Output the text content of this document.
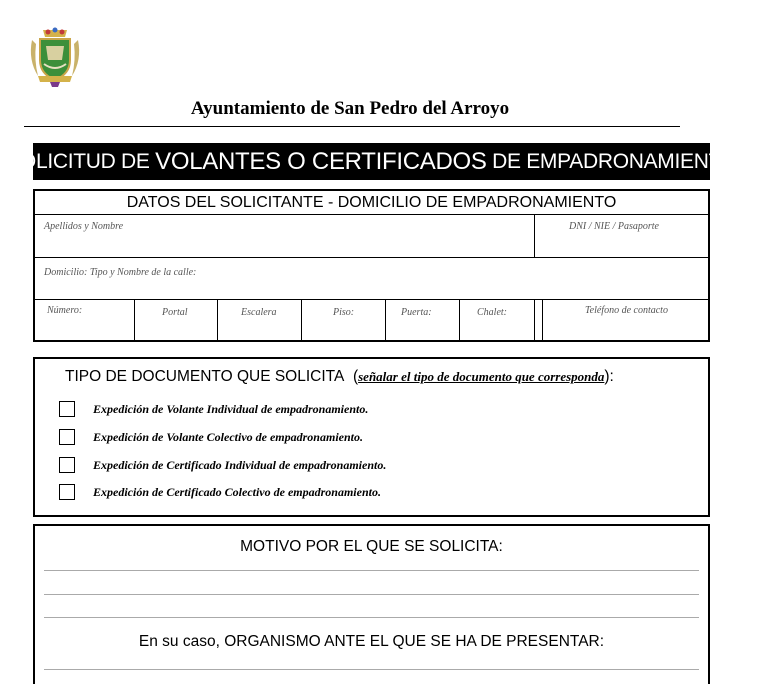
Ayuntamiento de San Pedro del Arroyo
SOLICITUD DE
VOLANTES O CERTIFICADOS
DE EMPADRONAMIENTO
DATOS DEL SOLICITANTE - DOMICILIO DE EMPADRONAMIENTO
Apellidos y Nombre	DNI / NIE / Pasaporte
Domicilio: Tipo y Nombre de la calle:
Número:	Portal	Escalera	Piso:	Puerta:	Chalet:	Teléfono de contacto
TIPO DE DOCUMENTO QUE SOLICITA  (señalar el tipo de documento que corresponda):
Expedición de Volante Individual de empadronamiento.
Expedición de Volante Colectivo de empadronamiento.
Expedición de Certificado Individual de empadronamiento.
Expedición de Certificado Colectivo de empadronamiento.
MOTIVO POR EL QUE SE SOLICITA:
En su caso, ORGANISMO ANTE EL QUE SE HA DE PRESENTAR:
